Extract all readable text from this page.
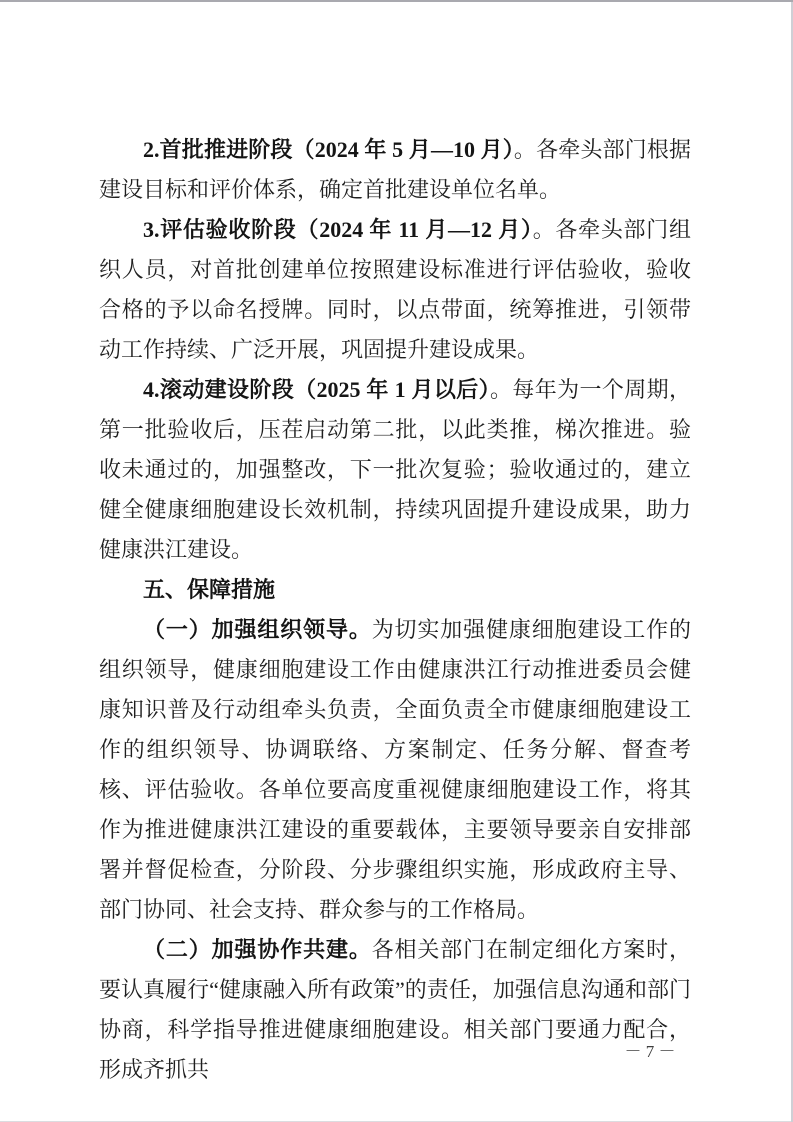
2.首批推进阶段（2024 年 5 月—10 月）。各牵头部门根据建设目标和评价体系，确定首批建设单位名单。

3.评估验收阶段（2024 年 11 月—12 月）。各牵头部门组织人员，对首批创建单位按照建设标准进行评估验收，验收合格的予以命名授牌。同时，以点带面，统筹推进，引领带动工作持续、广泛开展，巩固提升建设成果。

4.滚动建设阶段（2025 年 1 月以后）。每年为一个周期，第一批验收后，压茬启动第二批，以此类推，梯次推进。验收未通过的，加强整改，下一批次复验；验收通过的，建立健全健康细胞建设长效机制，持续巩固提升建设成果，助力健康洪江建设。

五、保障措施

（一）加强组织领导。为切实加强健康细胞建设工作的组织领导，健康细胞建设工作由健康洪江行动推进委员会健康知识普及行动组牵头负责，全面负责全市健康细胞建设工作的组织领导、协调联络、方案制定、任务分解、督查考核、评估验收。各单位要高度重视健康细胞建设工作，将其作为推进健康洪江建设的重要载体，主要领导要亲自安排部署并督促检查，分阶段、分步骤组织实施，形成政府主导、部门协同、社会支持、群众参与的工作格局。

（二）加强协作共建。各相关部门在制定细化方案时，要认真履行“健康融入所有政策”的责任，加强信息沟通和部门协商，科学指导推进健康细胞建设。相关部门要通力配合，形成齐抓共

－ 7 －
